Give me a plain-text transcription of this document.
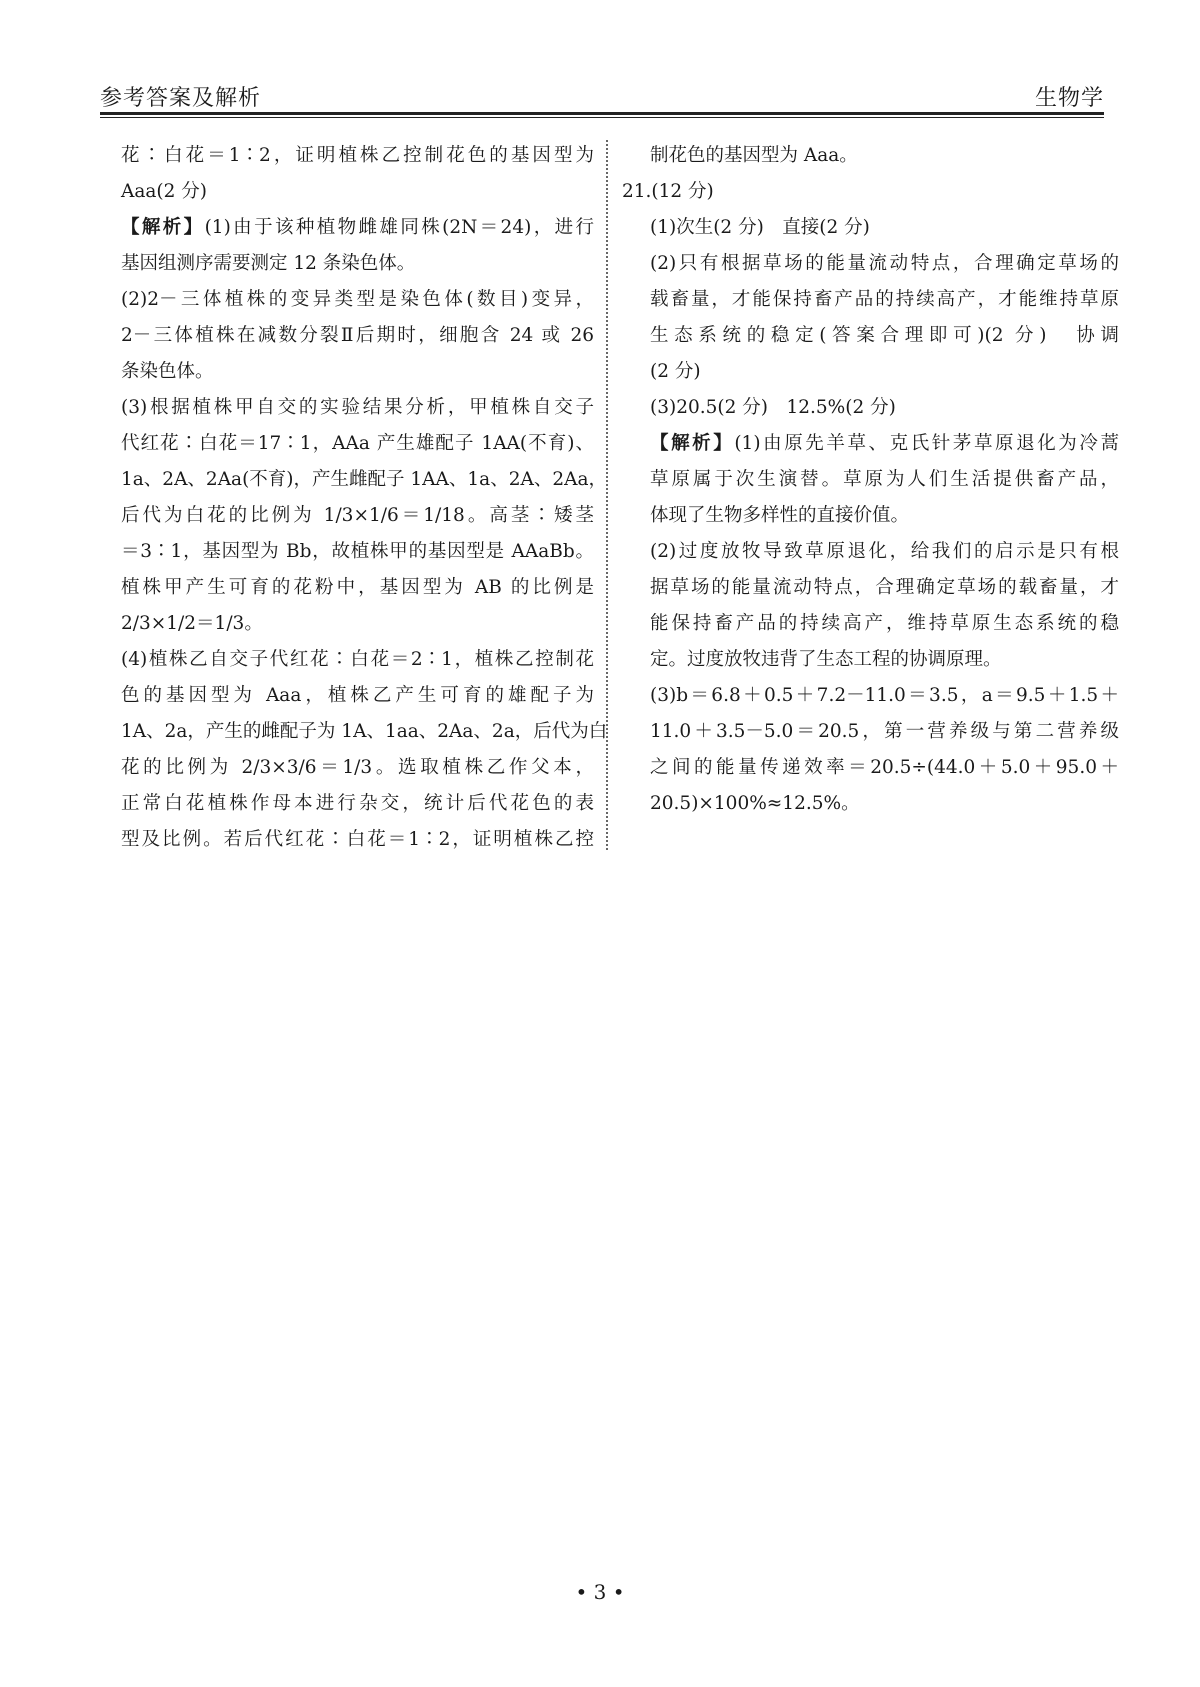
参考答案及解析	生物学
花∶白花＝1∶2，证明植株乙控制花色的基因型为
Aaa(2 分)
【解析】(1)由于该种植物雌雄同株(2N＝24)，进行
基因组测序需要测定 12 条染色体。
(2)2－三体植株的变异类型是染色体(数目)变异，
2－三体植株在减数分裂Ⅱ后期时，细胞含 24 或 26
条染色体。
(3)根据植株甲自交的实验结果分析，甲植株自交子
代红花∶白花＝17∶1，AAa 产生雄配子 1AA(不育)、
1a、2A、2Aa(不育)，产生雌配子 1AA、1a、2A、2Aa，
后代为白花的比例为 1/3×1/6＝1/18。高茎∶矮茎
＝3∶1，基因型为 Bb，故植株甲的基因型是 AAaBb。
植株甲产生可育的花粉中，基因型为 AB 的比例是
2/3×1/2＝1/3。
(4)植株乙自交子代红花∶白花＝2∶1，植株乙控制花
色的基因型为 Aaa，植株乙产生可育的雄配子为
1A、2a，产生的雌配子为 1A、1aa、2Aa、2a，后代为白
花的比例为 2/3×3/6＝1/3。选取植株乙作父本，
正常白花植株作母本进行杂交，统计后代花色的表
型及比例。若后代红花∶白花＝1∶2，证明植株乙控
制花色的基因型为 Aaa。
21.(12 分)
(1)次生(2 分)　直接(2 分)
(2)只有根据草场的能量流动特点，合理确定草场的
载畜量，才能保持畜产品的持续高产，才能维持草原
生态系统的稳定(答案合理即可)(2 分)　协调
(2 分)
(3)20.5(2 分)　12.5%(2 分)
【解析】(1)由原先羊草、克氏针茅草原退化为冷蒿
草原属于次生演替。草原为人们生活提供畜产品，
体现了生物多样性的直接价值。
(2)过度放牧导致草原退化，给我们的启示是只有根
据草场的能量流动特点，合理确定草场的载畜量，才
能保持畜产品的持续高产，维持草原生态系统的稳
定。过度放牧违背了生态工程的协调原理。
(3)b＝6.8＋0.5＋7.2－11.0＝3.5，a＝9.5＋1.5＋
11.0＋3.5－5.0＝20.5，第一营养级与第二营养级
之间的能量传递效率＝20.5÷(44.0＋5.0＋95.0＋
20.5)×100%≈12.5%。
• 3 •
